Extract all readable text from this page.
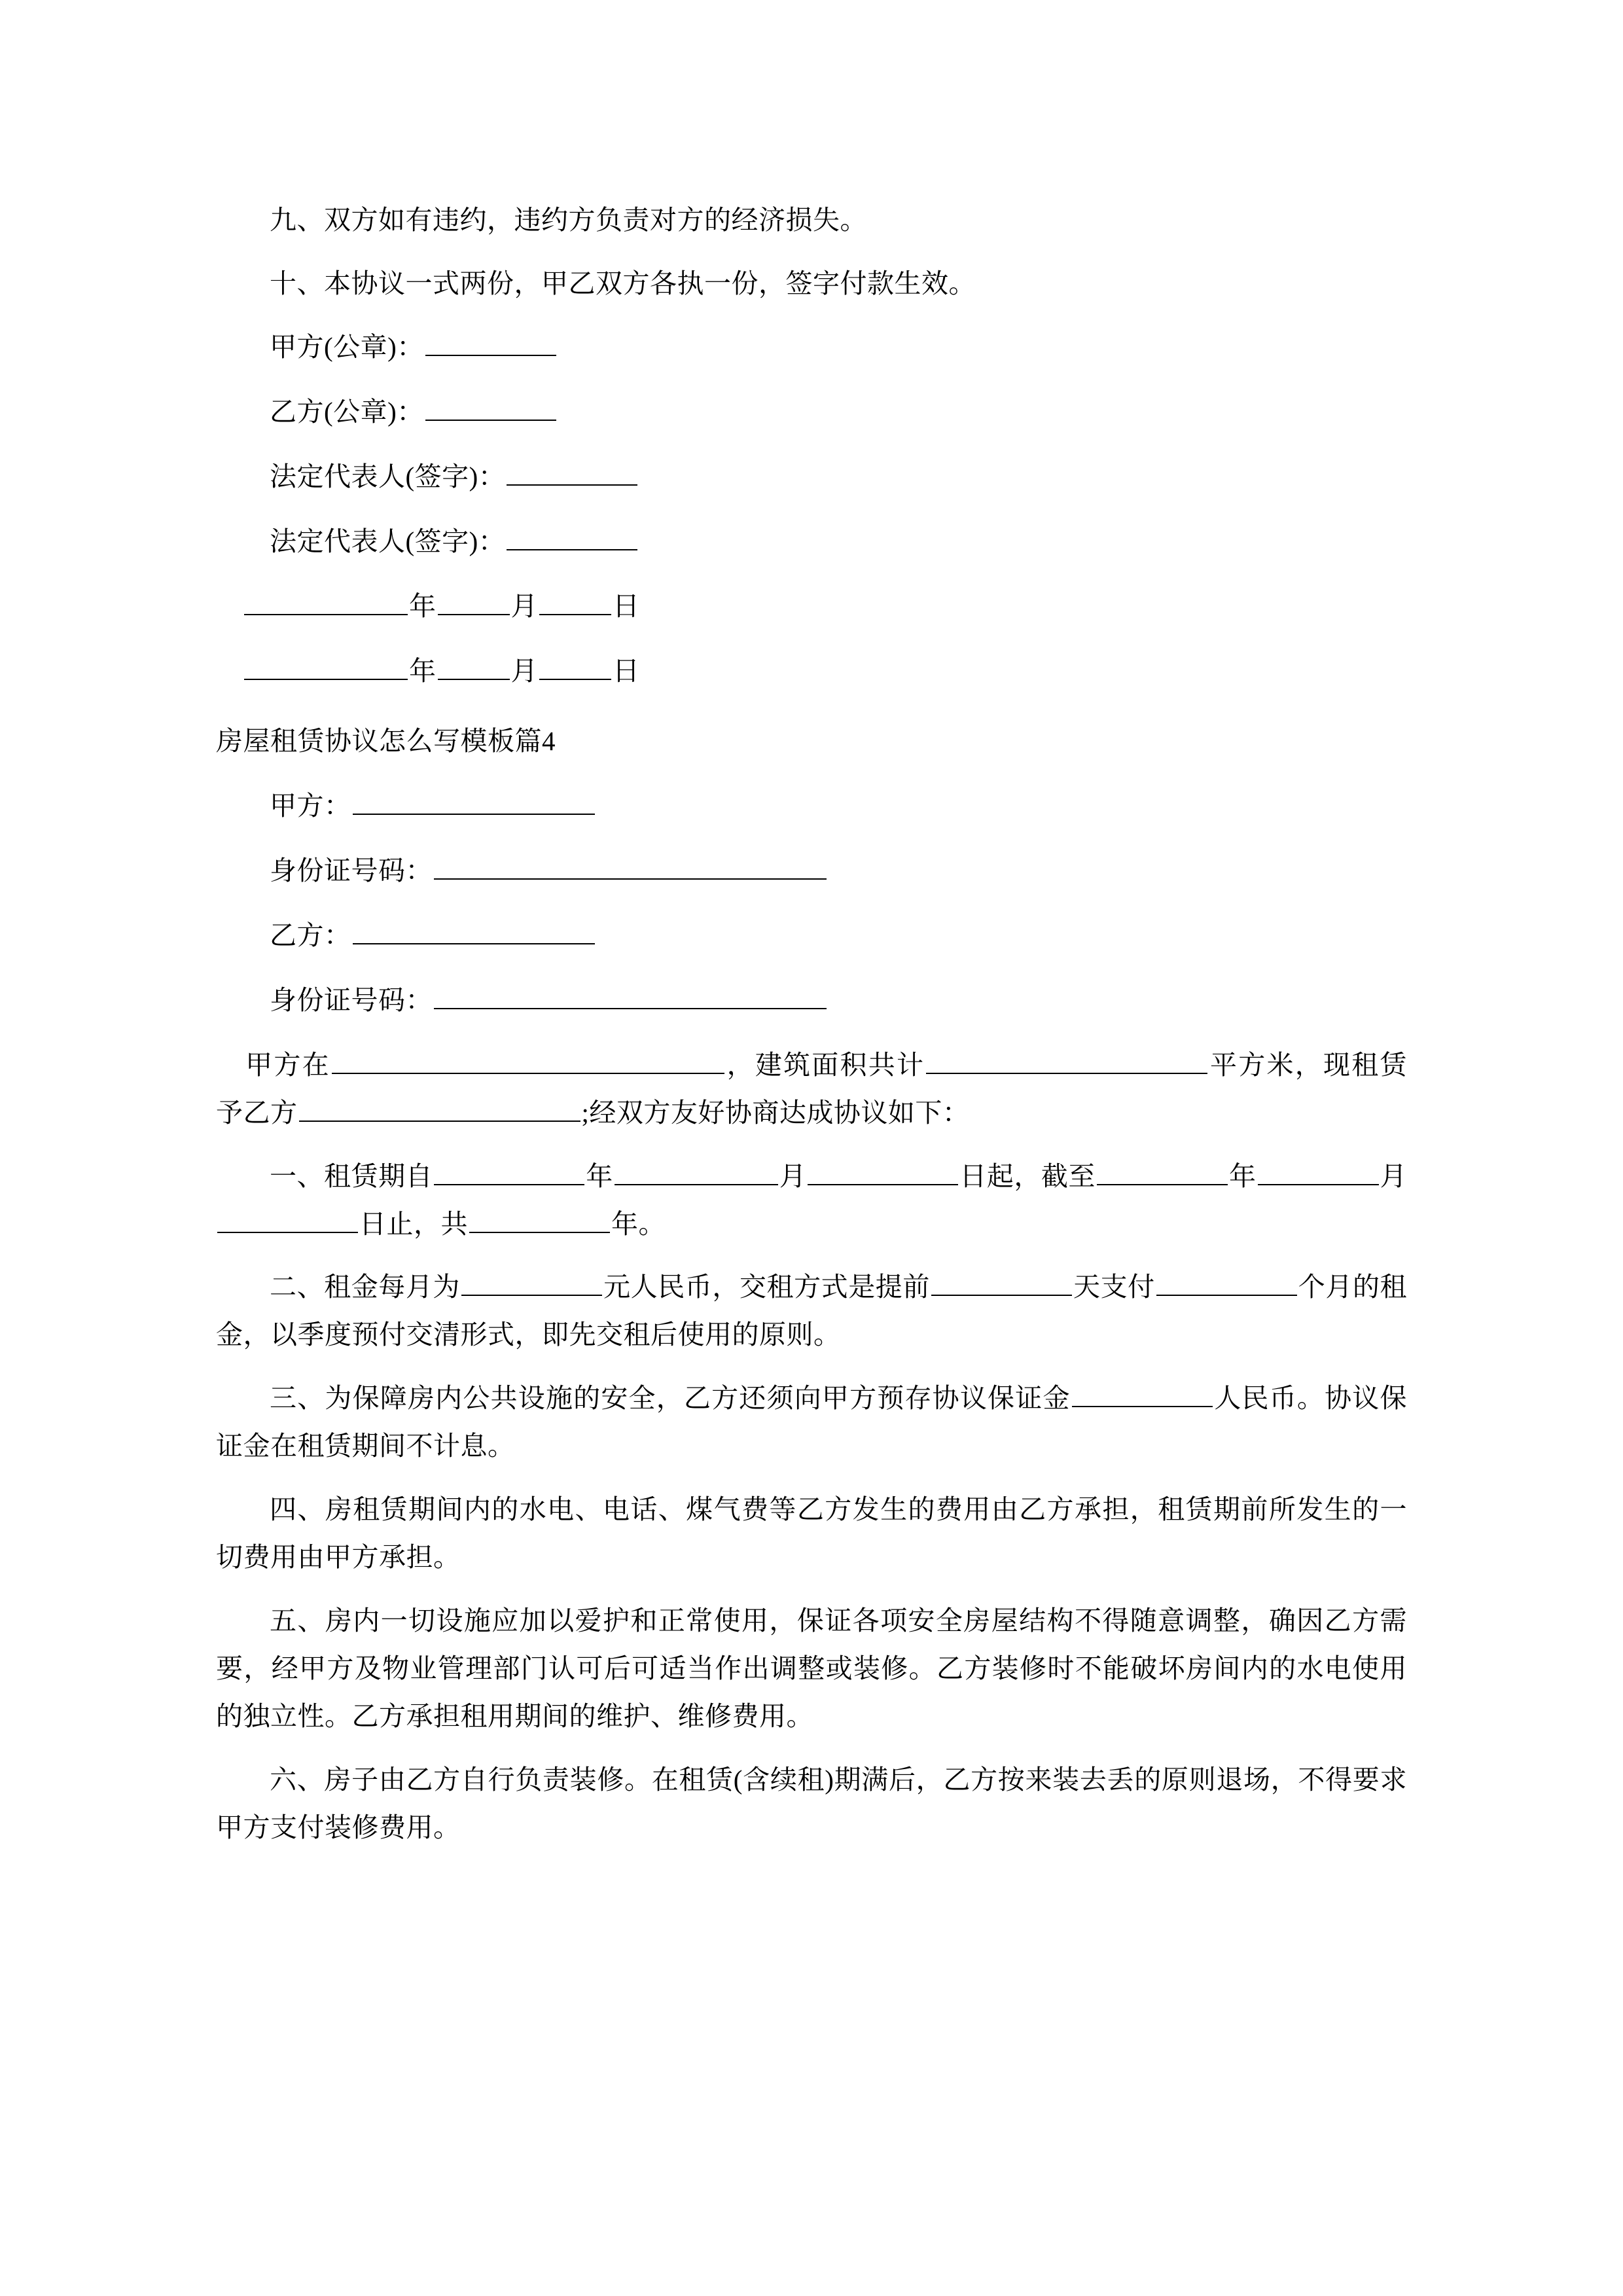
九、双方如有违约，违约方负责对方的经济损失。

十、本协议一式两份，甲乙双方各执一份，签字付款生效。

甲方(公章)：

乙方(公章)：

法定代表人(签字)：

法定代表人(签字)：

年	月	日

年	月	日

房屋租赁协议怎么写模板篇4

甲方：

身份证号码：

乙方：

身份证号码：

甲方在	，建筑面积共计	平方米，现租赁予乙方	;经双方友好协商达成协议如下：

一、租赁期自	年	月	日起，截至	年	月日止，共	年。

二、租金每月为	元人民币，交租方式是提前	天支付	个月的租金，以季度预付交清形式，即先交租后使用的原则。

三、为保障房内公共设施的安全，乙方还须向甲方预存协议保证金	人民币。协议保证金在租赁期间不计息。

四、房租赁期间内的水电、电话、煤气费等乙方发生的费用由乙方承担，租赁期前所发生的一切费用由甲方承担。

五、房内一切设施应加以爱护和正常使用，保证各项安全房屋结构不得随意调整，确因乙方需要，经甲方及物业管理部门认可后可适当作出调整或装修。乙方装修时不能破坏房间内的水电使用的独立性。乙方承担租用期间的维护、维修费用。

六、房子由乙方自行负责装修。在租赁(含续租)期满后，乙方按来装去丢的原则退场，不得要求甲方支付装修费用。
